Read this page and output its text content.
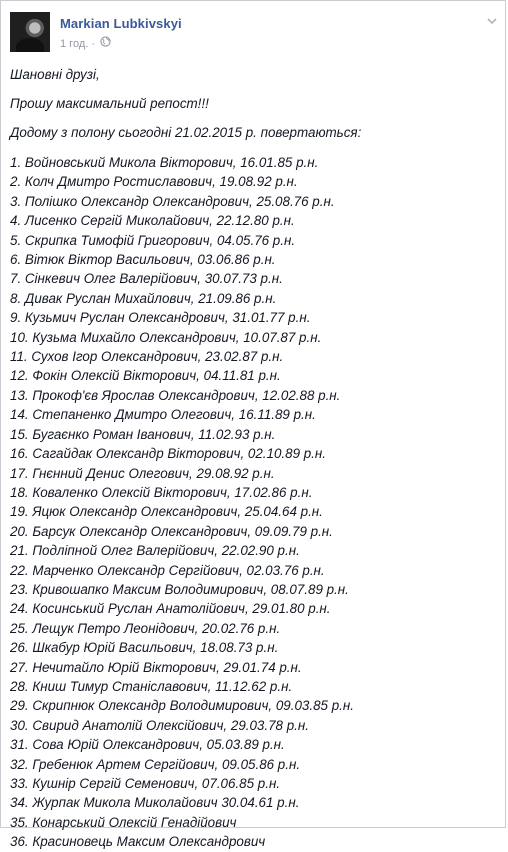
Markian Lubkivskyi
1 год. ·

Шановні друзі,

Прошу максимальний репост!!!

Додому з полону сьогодні 21.02.2015 р. повертаються:

1. Войновський Микола Вікторович, 16.01.85 р.н.
2. Колч Дмитро Ростиславович, 19.08.92 р.н.
3. Полішко Олександр Олександрович, 25.08.76 р.н.
4. Лисенко Сергій Миколайович, 22.12.80 р.н.
5. Скрипка Тимофій Григорович, 04.05.76 р.н.
6. Вітюк Віктор Васильович, 03.06.86 р.н.
7. Сінкевич Олег Валерійович, 30.07.73 р.н.
8. Дивак Руслан Михайлович, 21.09.86 р.н.
9. Кузьмич Руслан Олександрович, 31.01.77 р.н.
10. Кузьма Михайло Олександрович, 10.07.87 р.н.
11. Сухов Ігор Олександрович, 23.02.87 р.н.
12. Фокін Олексій Вікторович, 04.11.81 р.н.
13. Прокоф'єв Ярослав Олександрович, 12.02.88 р.н.
14. Степаненко Дмитро Олегович, 16.11.89 р.н.
15. Бугаєнко Роман Іванович, 11.02.93 р.н.
16. Сагайдак Олександр Вікторович, 02.10.89 р.н.
17. Гнєнний Денис Олегович, 29.08.92 р.н.
18. Коваленко Олексій Вікторович, 17.02.86 р.н.
19. Яцюк Олександр Олександрович, 25.04.64 р.н.
20. Барсук Олександр Олександрович, 09.09.79 р.н.
21. Подлiпной Олег Валерiйович, 22.02.90 р.н.
22. Марченко Олександр Сергійович, 02.03.76 р.н.
23. Кривошапко Максим Володимирович, 08.07.89 р.н.
24. Косинський Руслан Анатолійович, 29.01.80 р.н.
25. Лещук Петро Леонідович, 20.02.76 р.н.
26. Шкабур Юрій Васильович, 18.08.73 р.н.
27. Нечитайло Юрій Вікторович, 29.01.74 р.н.
28. Книш Тимур Станіславович, 11.12.62 р.н.
29. Скрипнюк Олександр Володимирович, 09.03.85 р.н.
30. Свирид Анатолій Олексійович, 29.03.78 р.н.
31. Сова Юрій Олександрович, 05.03.89 р.н.
32. Гребенюк Артем Сергійович, 09.05.86 р.н.
33. Кушнір Сергій Семенович, 07.06.85 р.н.
34. Журпак Микола Миколайович 30.04.61 р.н.
35. Конарський Олексій Генадійович
36. Красиновець Максим Олександрович
